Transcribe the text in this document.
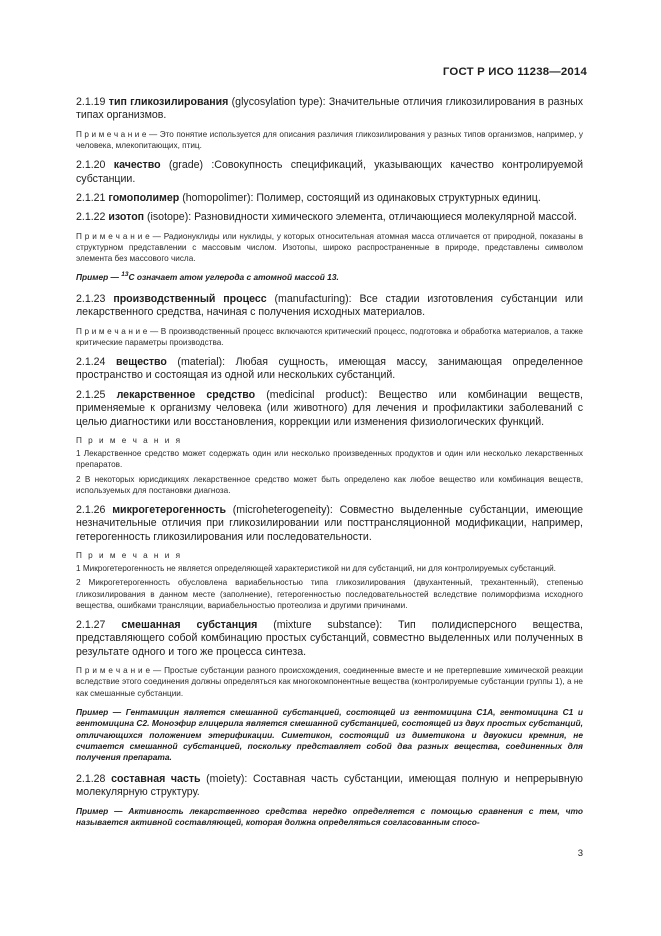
ГОСТ Р ИСО 11238—2014

2.1.19 тип гликозилирования (glycosylation type): Значительные отличия гликозилирования в разных типах организмов.

П р и м е ч а н и е — Это понятие используется для описания различия гликозилирования у разных типов организмов, например, у человека, млекопитающих, птиц.

2.1.20 качество (grade) :Совокупность спецификаций, указывающих качество контролируемой субстанции.

2.1.21 гомополимер (homopolimer): Полимер, состоящий из одинаковых структурных единиц.

2.1.22 изотоп (isotope): Разновидности химического элемента, отличающиеся молекулярной массой.

П р и м е ч а н и е — Радионуклиды или нуклиды, у которых относительная атомная масса отличается от природной, показаны в структурном представлении с массовым числом. Изотопы, широко распространенные в природе, представлены символом элемента без массового числа.

Пример — $^{13}$С означает атом углерода с атомной массой 13.

2.1.23 производственный процесс (manufacturing): Все стадии изготовления субстанции или лекарственного средства, начиная с получения исходных материалов.

П р и м е ч а н и е — В производственный процесс включаются критический процесс, подготовка и обработка материалов, а также критические параметры производства.

2.1.24 вещество (material): Любая сущность, имеющая массу, занимающая определенное пространство и состоящая из одной или нескольких субстанций.

2.1.25 лекарственное средство (medicinal product): Вещество или комбинации веществ, применяемые к организму человека (или животного) для лечения и профилактики заболеваний с целью диагностики или восстановления, коррекции или изменения физиологических функций.

П р и м е ч а н и я

1 Лекарственное средство может содержать один или несколько произведенных продуктов и один или несколько лекарственных препаратов.

2 В некоторых юрисдикциях лекарственное средство может быть определено как любое вещество или комбинация веществ, используемых для постановки диагноза.

2.1.26 микрогетерогенность (microheterogeneity): Совместно выделенные субстанции, имеющие незначительные отличия при гликозилировании или посттрансляционной модификации, например, гетерогенность гликозилирования или последовательности.

П р и м е ч а н и я

1 Микрогетерогенность не является определяющей характеристикой ни для субстанций, ни для контролируемых субстанций.

2 Микрогетерогенность обусловлена вариабельностью типа гликозилирования (двухантенный, трехантенный), степенью гликозилирования в данном месте (заполнение), гетерогенностью последовательностей вследствие полиморфизма исходного вещества, ошибками трансляции, вариабельностью протеолиза и другими причинами.

2.1.27 смешанная субстанция (mixture substance): Тип полидисперсного вещества, представляющего собой комбинацию простых субстанций, совместно выделенных или полученных в результате одного и того же процесса синтеза.

П р и м е ч а н и е — Простые субстанции разного происхождения, соединенные вместе и не претерпевшие химической реакции вследствие этого соединения должны определяться как многокомпонентные вещества (контролируемые субстанции группы 1), а не как смешанные субстанции.

Пример — Гентамицин является смешанной субстанцией, состоящей из гентомицина С1А, гентомицина С1 и гентомицина С2. Моноэфир глицерила является смешанной субстанцией, состоящей из двух простых субстанций, отличающихся положением этерификации. Симетикон, состоящий из диметикона и двуокиси кремния, не считается смешанной субстанцией, поскольку представляет собой два разных вещества, соединенных для получения препарата.

2.1.28 составная часть (moiety): Составная часть субстанции, имеющая полную и непрерывную молекулярную структуру.

Пример — Активность лекарственного средства нередко определяется с помощью сравнения с тем, что называется активной составляющей, которая должна определяться согласованным спосо-

3
